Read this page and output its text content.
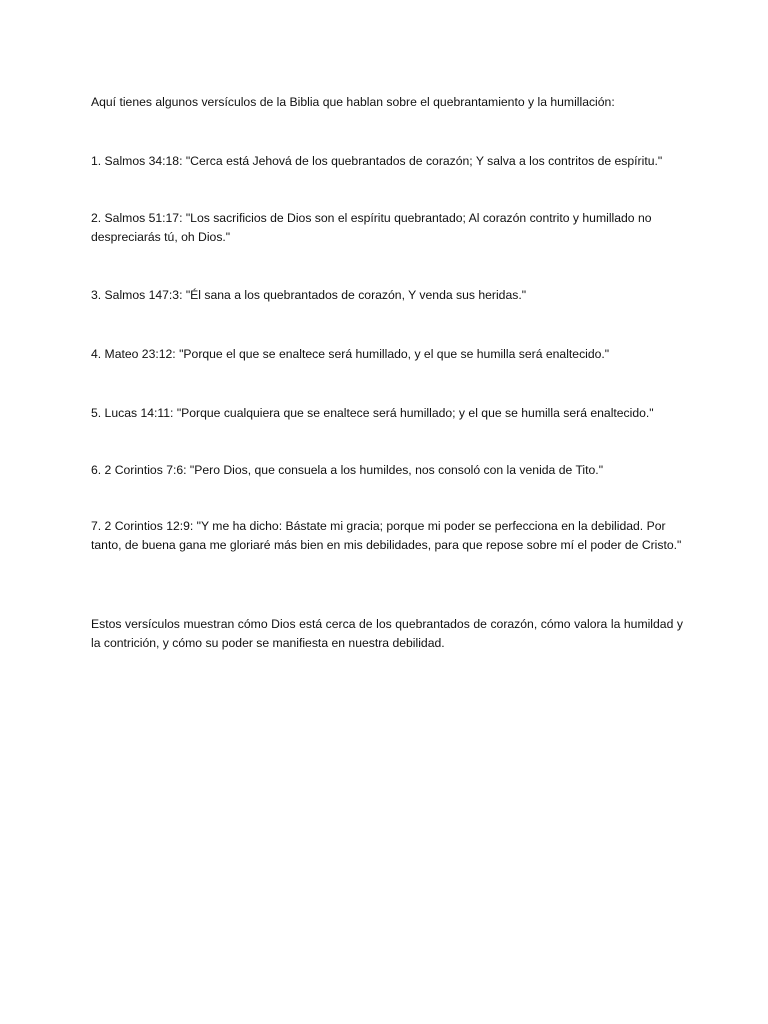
Aquí tienes algunos versículos de la Biblia que hablan sobre el quebrantamiento y la humillación:

1. Salmos 34:18: "Cerca está Jehová de los quebrantados de corazón; Y salva a los contritos de espíritu."

2. Salmos 51:17: "Los sacrificios de Dios son el espíritu quebrantado; Al corazón contrito y humillado no despreciarás tú, oh Dios."

3. Salmos 147:3: "Él sana a los quebrantados de corazón, Y venda sus heridas."

4. Mateo 23:12: "Porque el que se enaltece será humillado, y el que se humilla será enaltecido."

5. Lucas 14:11: "Porque cualquiera que se enaltece será humillado; y el que se humilla será enaltecido."

6. 2 Corintios 7:6: "Pero Dios, que consuela a los humildes, nos consoló con la venida de Tito."

7. 2 Corintios 12:9: "Y me ha dicho: Bástate mi gracia; porque mi poder se perfecciona en la debilidad. Por tanto, de buena gana me gloriaré más bien en mis debilidades, para que repose sobre mí el poder de Cristo."

Estos versículos muestran cómo Dios está cerca de los quebrantados de corazón, cómo valora la humildad y la contrición, y cómo su poder se manifiesta en nuestra debilidad.
